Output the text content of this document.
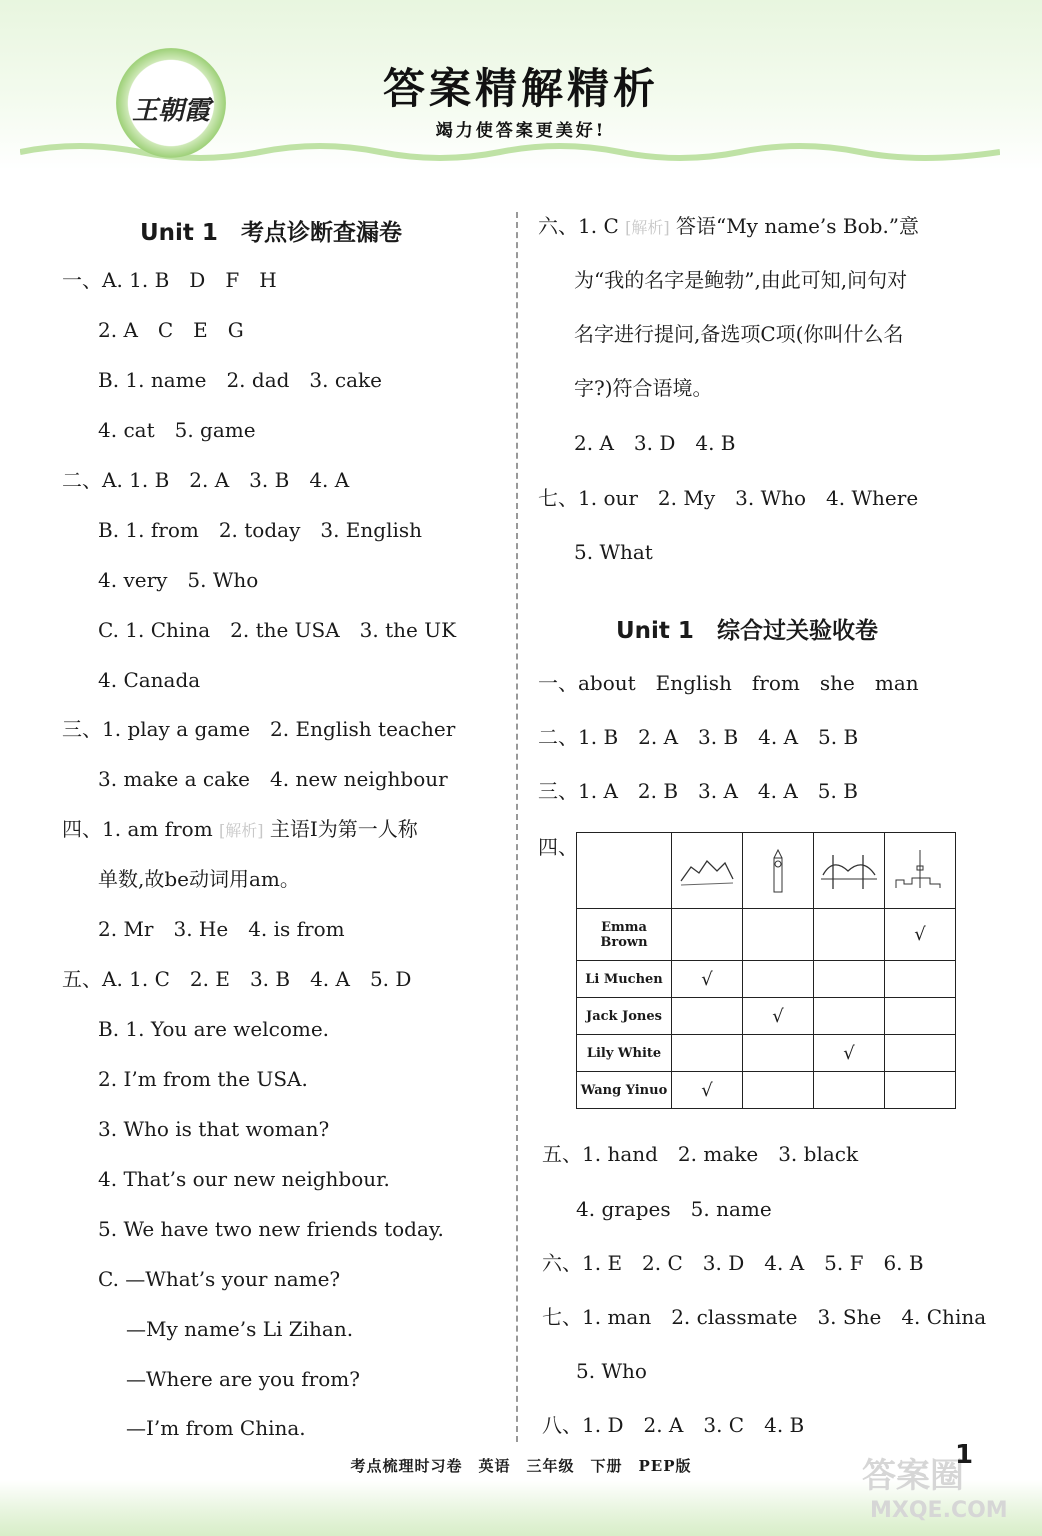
王朝霞	答案精解精析
竭力使答案更美好!
Unit 1　考点诊断查漏卷
一、A. 1. B　D　F　H
2. A　C　E　G
B. 1. name　2. dad　3. cake
4. cat　5. game
二、A. 1. B　2. A　3. B　4. A
B. 1. from　2. today　3. English
4. very　5. Who
C. 1. China　2. the USA　3. the UK
4. Canada
三、1. play a game　2. English teacher
3. make a cake　4. new neighbour
四、1. am from [解析] 主语I为第一人称
单数,故be动词用am。
2. Mr　3. He　4. is from
五、A. 1. C　2. E　3. B　4. A　5. D
B. 1. You are welcome.
2. I’m from the USA.
3. Who is that woman?
4. That’s our new neighbour.
5. We have two new friends today.
C. —What’s your name?
—My name’s Li Zihan.
—Where are you from?
—I’m from China.
六、1. C [解析] 答语“My name’s Bob.”意
为“我的名字是鲍勃”,由此可知,问句对
名字进行提问,备选项C项(你叫什么名
字?)符合语境。
2. A　3. D　4. B
七、1. our　2. My　3. Who　4. Where
5. What
Unit 1　综合过关验收卷
一、about　English　from　she　man
二、1. B　2. A　3. B　4. A　5. B
三、1. A　2. B　3. A　4. A　5. B
四、

Emma Brown				√
Li Muchen	√			
Jack Jones		√		
Lily White			√	
Wang Yinuo	√			
五、1. hand　2. make　3. black
4. grapes　5. name
六、1. E　2. C　3. D　4. A　5. F　6. B
七、1. man　2. classmate　3. She　4. China
5. Who
八、1. D　2. A　3. C　4. B
考点梳理时习卷　英语　三年级　下册　PEP版	答案圈
MXQE.COM
1
